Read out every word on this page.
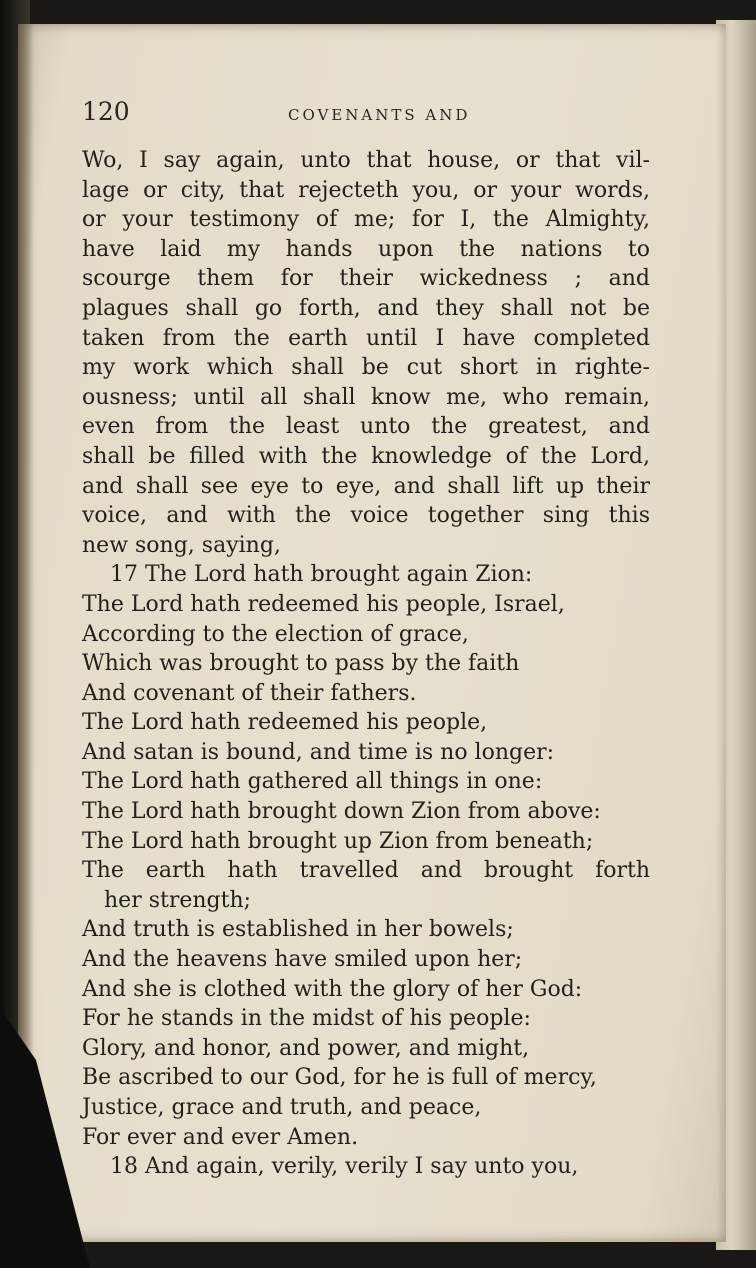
120	COVENANTS AND
Wo, I say again, unto that house, or that vil-
lage or city, that rejecteth you, or your words,
or your testimony of me; for I, the Almighty,
have laid my hands upon the nations to
scourge them for their wickedness ; and
plagues shall go forth, and they shall not be
taken from the earth until I have completed
my work which shall be cut short in righte-
ousness; until all shall know me, who remain,
even from the least unto the greatest, and
shall be filled with the knowledge of the Lord,
and shall see eye to eye, and shall lift up their
voice, and with the voice together sing this
new song, saying,
17 The Lord hath brought again Zion:
The Lord hath redeemed his people, Israel,
According to the election of grace,
Which was brought to pass by the faith
And covenant of their fathers.
The Lord hath redeemed his people,
And satan is bound, and time is no longer:
The Lord hath gathered all things in one:
The Lord hath brought down Zion from above:
The Lord hath brought up Zion from beneath;
The earth hath travelled and brought forth
her strength;
And truth is established in her bowels;
And the heavens have smiled upon her;
And she is clothed with the glory of her God:
For he stands in the midst of his people:
Glory, and honor, and power, and might,
Be ascribed to our God, for he is full of mercy,
Justice, grace and truth, and peace,
For ever and ever Amen.
18 And again, verily, verily I say unto you,
